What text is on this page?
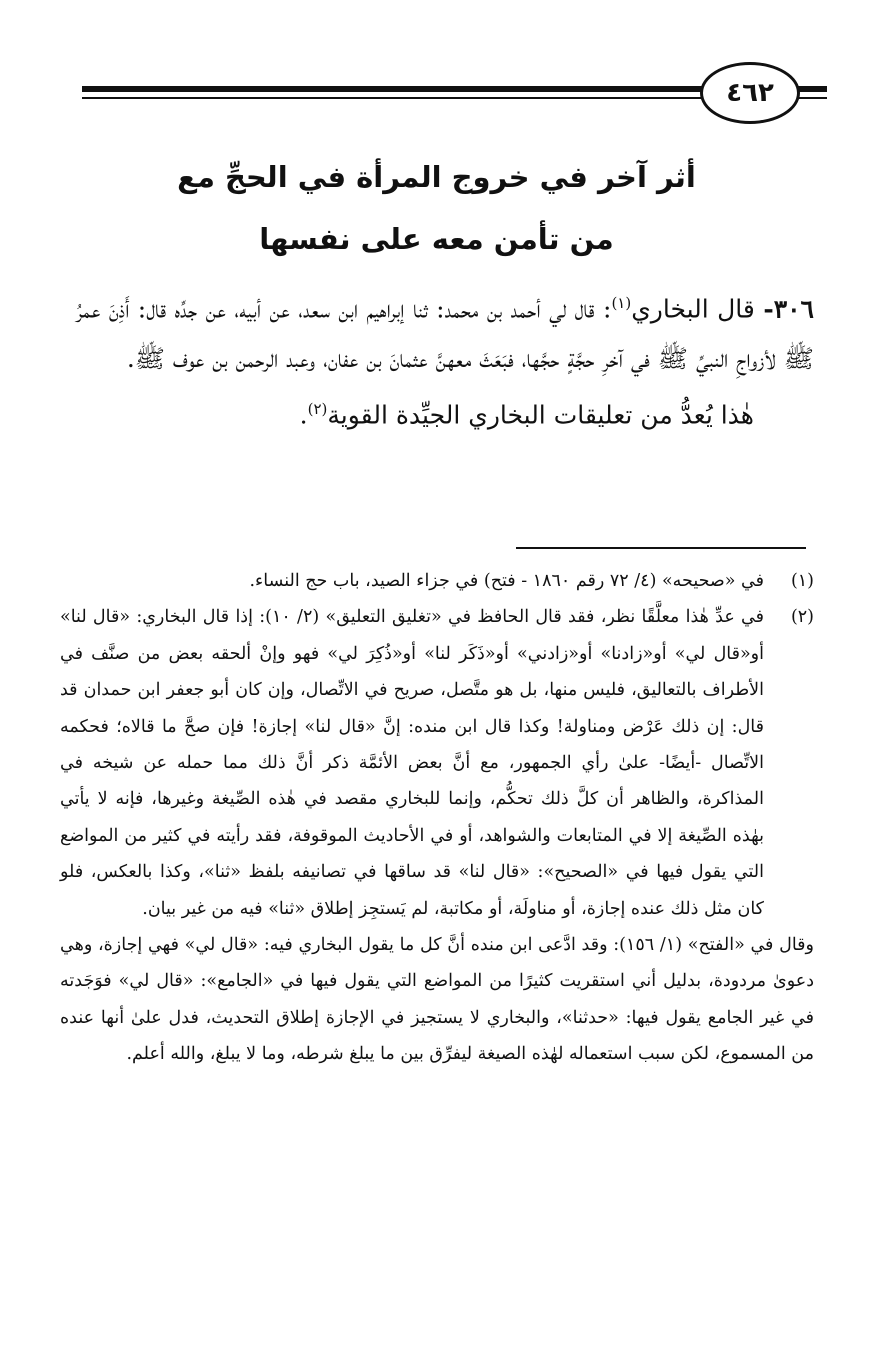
٤٦٢
أثر آخر في خروج المرأة في الحجِّ مع
من تأمن معه على نفسها

٣٠٦- قال البخاري$^{(١)}$: قال لي أحمد بن محمد: ثنا إبراهيم ابن سعد، عن أبيه، عن جدِّه قال: أَذِنَ عمرُ ﷺ لأزواجِ النبيِّ ﷺ في آخرِ حجَّةٍ حجَّها، فبَعَثَ معهنَّ عثمانَ بن عفان، وعبد الرحمن بن عوف ﷺ.

هٰذا يُعدُّ من تعليقات البخاري الجيِّدة القوية$^{(٢)}$.

(١)

في «صحيحه» (٤/ ٧٢ رقم ١٨٦٠ - فتح) في جزاء الصيد، باب حج النساء.

(٢)

في عدِّ هٰذا معلَّقًا نظر، فقد قال الحافظ في «تغليق التعليق» (٢/ ١٠): إذا قال البخاري: «قال لنا» أو«قال لي» أو«زادنا» أو«زادني» أو«ذَكَر لنا» أو«ذُكِرَ لي» فهو وإنْ ألحقه بعض من صنَّف في الأطراف بالتعاليق، فليس منها، بل هو متَّصل، صريح في الاتِّصال، وإن كان أبو جعفر ابن حمدان قد قال: إن ذلك عَرْض ومناولة! وكذا قال ابن منده: إنَّ «قال لنا» إجازة! فإن صحَّ ما قالاه؛ فحكمه الاتِّصال -أيضًا- علىٰ رأي الجمهور، مع أنَّ بعض الأئمَّة ذكر أنَّ ذلك مما حمله عن شيخه في المذاكرة، والظاهر أن كلَّ ذلك تحكُّم، وإنما للبخاري مقصد في هٰذه الصِّيغة وغيرها، فإنه لا يأتي بهٰذه الصِّيغة إلا في المتابعات والشواهد، أو في الأحاديث الموقوفة، فقد رأيته في كثير من المواضع التي يقول فيها في «الصحيح»: «قال لنا» قد ساقها في تصانيفه بلفظ «ثنا»، وكذا بالعكس، فلو كان مثل ذلك عنده إجازة، أو مناولَة، أو مكاتبة، لم يَستجِز إطلاق «ثنا» فيه من غير بيان.

وقال في «الفتح» (١/ ١٥٦): وقد ادَّعى ابن منده أنَّ كل ما يقول البخاري فيه: «قال لي» فهي إجازة، وهي دعوىٰ مردودة، بدليل أني استقريت كثيرًا من المواضع التي يقول فيها في «الجامع»: «قال لي» فوَجَدته في غير الجامع يقول فيها: «حدثنا»، والبخاري لا يستجيز في الإجازة إطلاق التحديث، فدل علىٰ أنها عنده من المسموع، لكن سبب استعماله لهٰذه الصيغة ليفرِّق بين ما يبلغ شرطه، وما لا يبلغ، والله أعلم.
